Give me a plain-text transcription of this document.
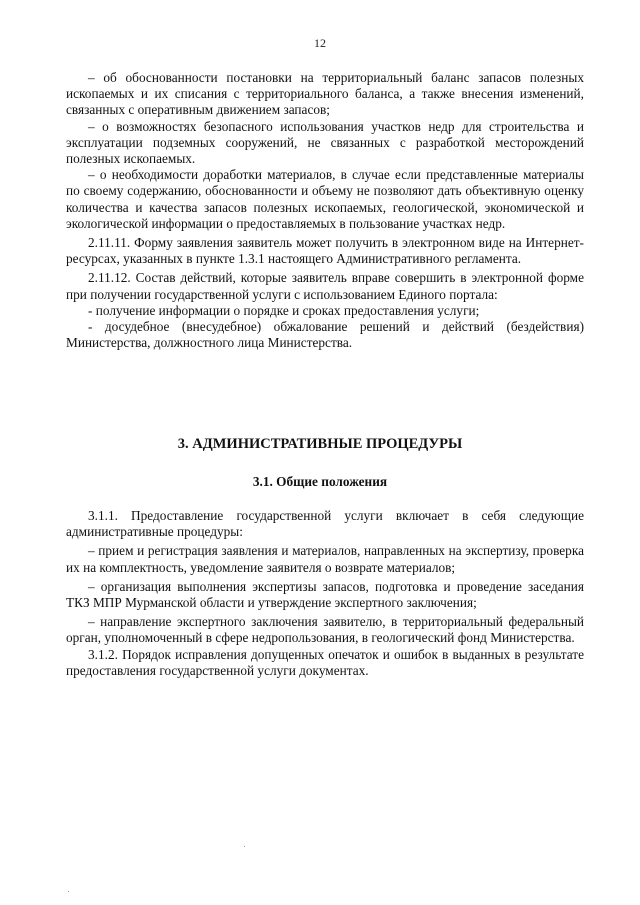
12

– об обоснованности постановки на территориальный баланс запасов полезных ископаемых и их списания с территориального баланса, а также внесения изменений, связанных с оперативным движением запасов;

– о возможностях безопасного использования участков недр для строительства и эксплуатации подземных сооружений, не связанных с разработкой месторождений полезных ископаемых.

– о необходимости доработки материалов, в случае если представленные материалы по своему содержанию, обоснованности и объему не позволяют дать объективную оценку количества и качества запасов полезных ископаемых, геологической, экономической и экологической информации о предоставляемых в пользование участках недр.

2.11.11. Форму заявления заявитель может получить в электронном виде на Интернет-ресурсах, указанных в пункте 1.3.1 настоящего Административного регламента.

2.11.12. Состав действий, которые заявитель вправе совершить в электронной форме при получении государственной услуги с использованием Единого портала:

- получение информации о порядке и сроках предоставления услуги;

- досудебное (внесудебное) обжалование решений и действий (бездействия) Министерства, должностного лица Министерства.

3. АДМИНИСТРАТИВНЫЕ ПРОЦЕДУРЫ
3.1. Общие положения

3.1.1. Предоставление государственной услуги включает в себя следующие административные процедуры:

– прием и регистрация заявления и материалов, направленных на экспертизу, проверка их на комплектность, уведомление заявителя о возврате материалов;

– организация выполнения экспертизы запасов, подготовка и проведение заседания ТКЗ МПР Мурманской области и утверждение экспертного заключения;

– направление экспертного заключения заявителю, в территориальный федеральный орган, уполномоченный в сфере недропользования, в геологический фонд Министерства.

3.1.2. Порядок исправления допущенных опечаток и ошибок в выданных в результате предоставления государственной услуги документах.
